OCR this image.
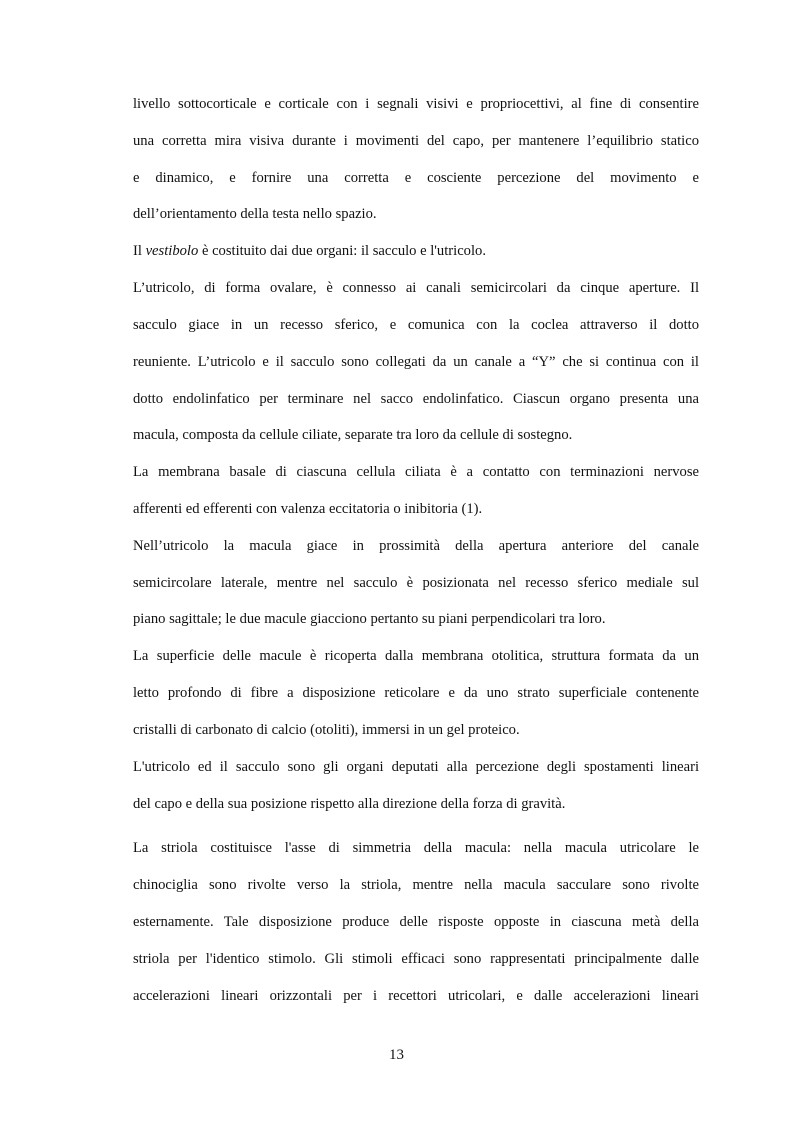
livello sottocorticale e corticale con i segnali visivi e propriocettivi, al fine di consentire
una corretta mira visiva durante i movimenti del capo, per mantenere l’equilibrio statico
e dinamico, e fornire una corretta e cosciente percezione del movimento e
dell’orientamento della testa nello spazio.
Il vestibolo è costituito dai due organi: il sacculo e l'utricolo.
L’utricolo, di forma ovalare, è connesso ai canali semicircolari da cinque aperture. Il
sacculo giace in un recesso sferico, e comunica con la coclea attraverso il dotto
reuniente. L’utricolo e il sacculo sono collegati da un canale a “Y” che si continua con il
dotto endolinfatico per terminare nel sacco endolinfatico. Ciascun organo presenta una
macula, composta da cellule ciliate, separate tra loro da cellule di sostegno.
La membrana basale di ciascuna cellula ciliata è a contatto con terminazioni nervose
afferenti ed efferenti con valenza eccitatoria o inibitoria (1).
Nell’utricolo la macula giace in prossimità della apertura anteriore del canale
semicircolare laterale, mentre nel sacculo è posizionata nel recesso sferico mediale sul
piano sagittale; le due macule giacciono pertanto su piani perpendicolari tra loro.
La superficie delle macule è ricoperta dalla membrana otolitica, struttura formata da un
letto profondo di fibre a disposizione reticolare e da uno strato superficiale contenente
cristalli di carbonato di calcio (otoliti), immersi in un gel proteico.
L'utricolo ed il sacculo sono gli organi deputati alla percezione degli spostamenti lineari
del capo e della sua posizione rispetto alla direzione della forza di gravità.
La striola costituisce l'asse di simmetria della macula: nella macula utricolare le
chinociglia sono rivolte verso la striola, mentre nella macula sacculare sono rivolte
esternamente. Tale disposizione produce delle risposte opposte in ciascuna metà della
striola per l'identico stimolo. Gli stimoli efficaci sono rappresentati principalmente dalle
accelerazioni lineari orizzontali per i recettori utricolari, e dalle accelerazioni lineari
13
